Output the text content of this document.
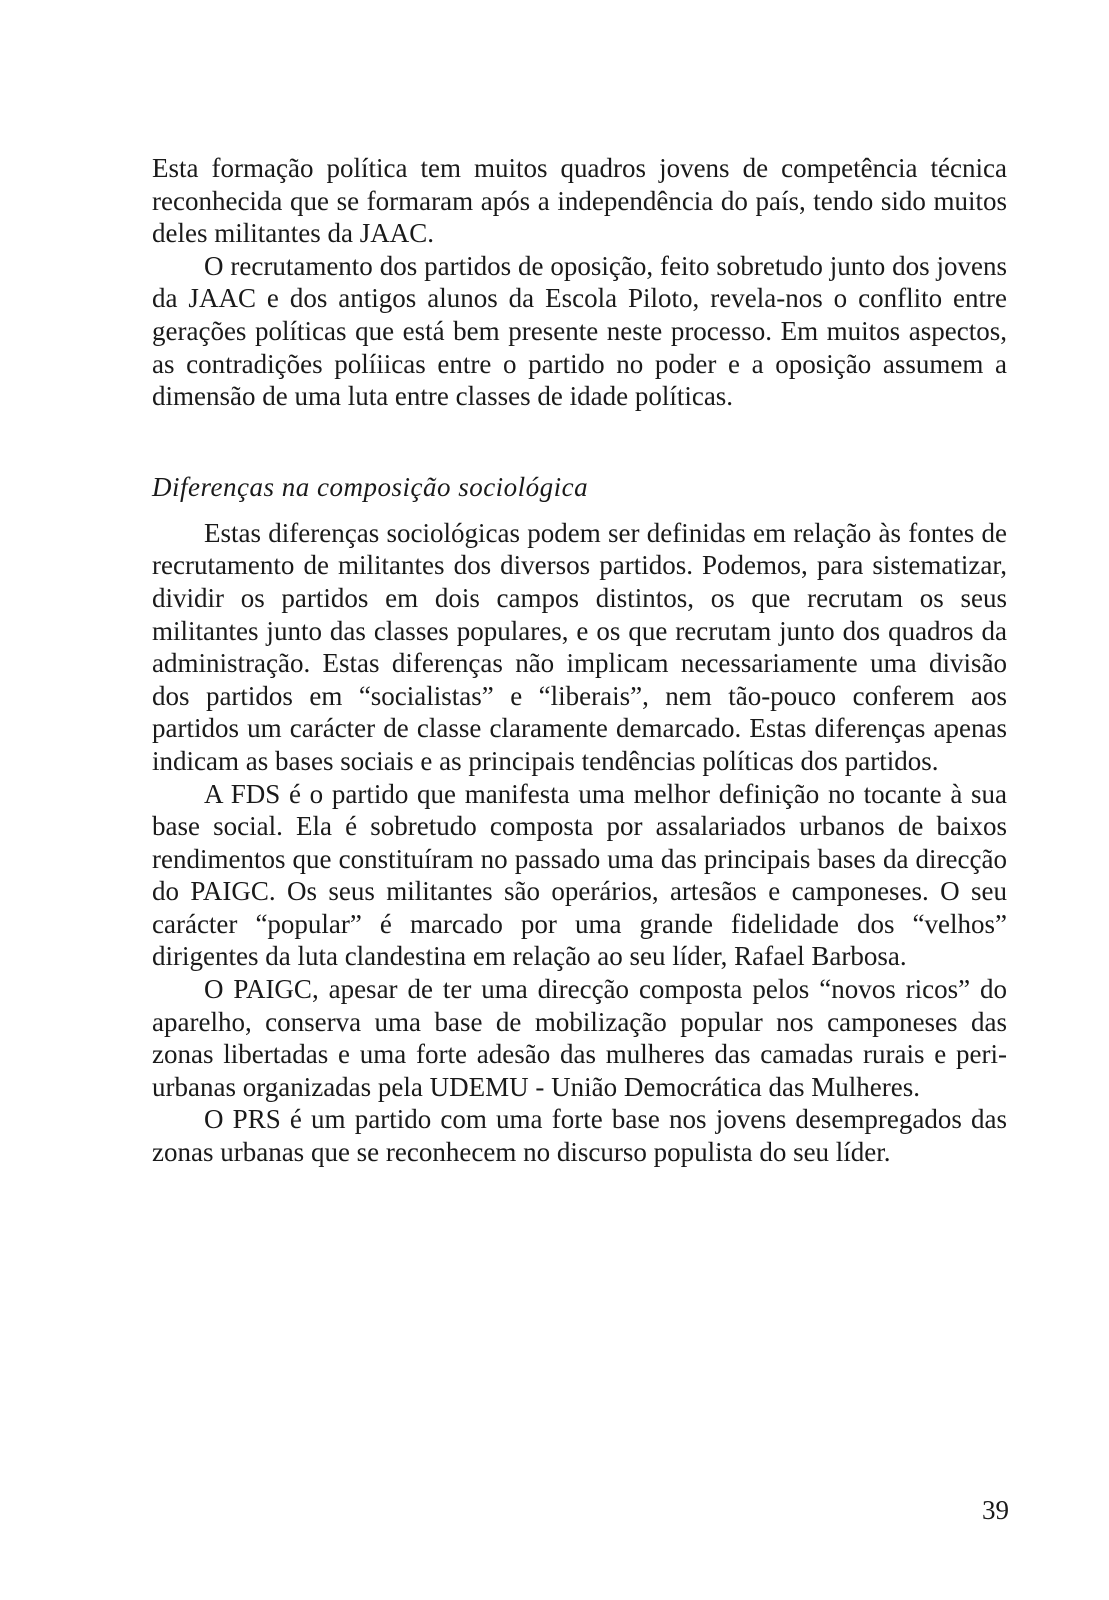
Esta formação política tem muitos quadros jovens de competência técnica reconhecida que se formaram após a independência do país, tendo sido muitos deles militantes da JAAC.

O recrutamento dos partidos de oposição, feito sobretudo junto dos jovens da JAAC e dos antigos alunos da Escola Piloto, revela-nos o conflito entre gerações políticas que está bem presente neste processo. Em muitos aspectos, as contradições políiicas entre o partido no poder e a oposição assumem a dimensão de uma luta entre classes de idade políticas.

Diferenças na composição sociológica

Estas diferenças sociológicas podem ser definidas em relação às fontes de recrutamento de militantes dos diversos partidos. Podemos, para sistematizar, dividir os partidos em dois campos distintos, os que recrutam os seus militantes junto das classes populares, e os que recrutam junto dos quadros da administração. Estas diferenças não implicam necessariamente uma divisão dos partidos em “socialistas” e “liberais”, nem tão-pouco conferem aos partidos um carácter de classe claramente demarcado. Estas diferenças apenas indicam as bases sociais e as principais tendências políticas dos partidos.

A FDS é o partido que manifesta uma melhor definição no tocante à sua base social. Ela é sobretudo composta por assalariados urbanos de baixos rendimentos que constituíram no passado uma das principais bases da direcção do PAIGC. Os seus militantes são operários, artesãos e camponeses. O seu carácter “popular” é marcado por uma grande fidelidade dos “velhos” dirigentes da luta clandestina em relação ao seu líder, Rafael Barbosa.

O PAIGC, apesar de ter uma direcção composta pelos “novos ricos” do aparelho, conserva uma base de mobilização popular nos camponeses das zonas libertadas e uma forte adesão das mulheres das camadas rurais e peri-urbanas organizadas pela UDEMU - União Democrática das Mulheres.

O PRS é um partido com uma forte base nos jovens desempregados das zonas urbanas que se reconhecem no discurso populista do seu líder.

39
